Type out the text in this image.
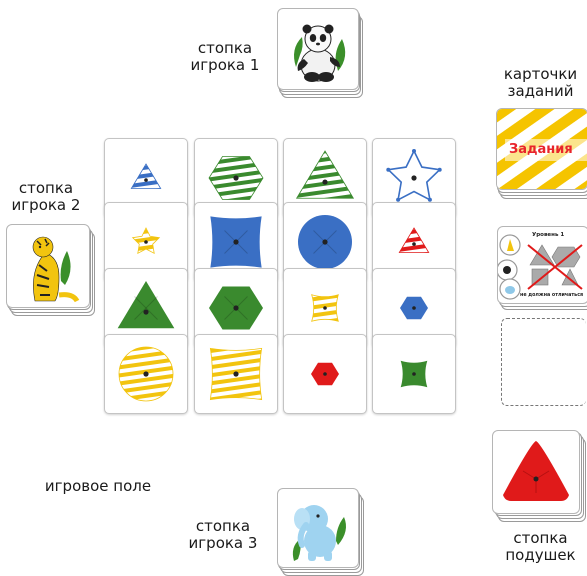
стопка
игрока 1	карточки
заданий
Задания
Уровень 1
не должна отличаться
стопка
игрока 2
игровое поле
стопка
игрока 3	стопка
подушек
